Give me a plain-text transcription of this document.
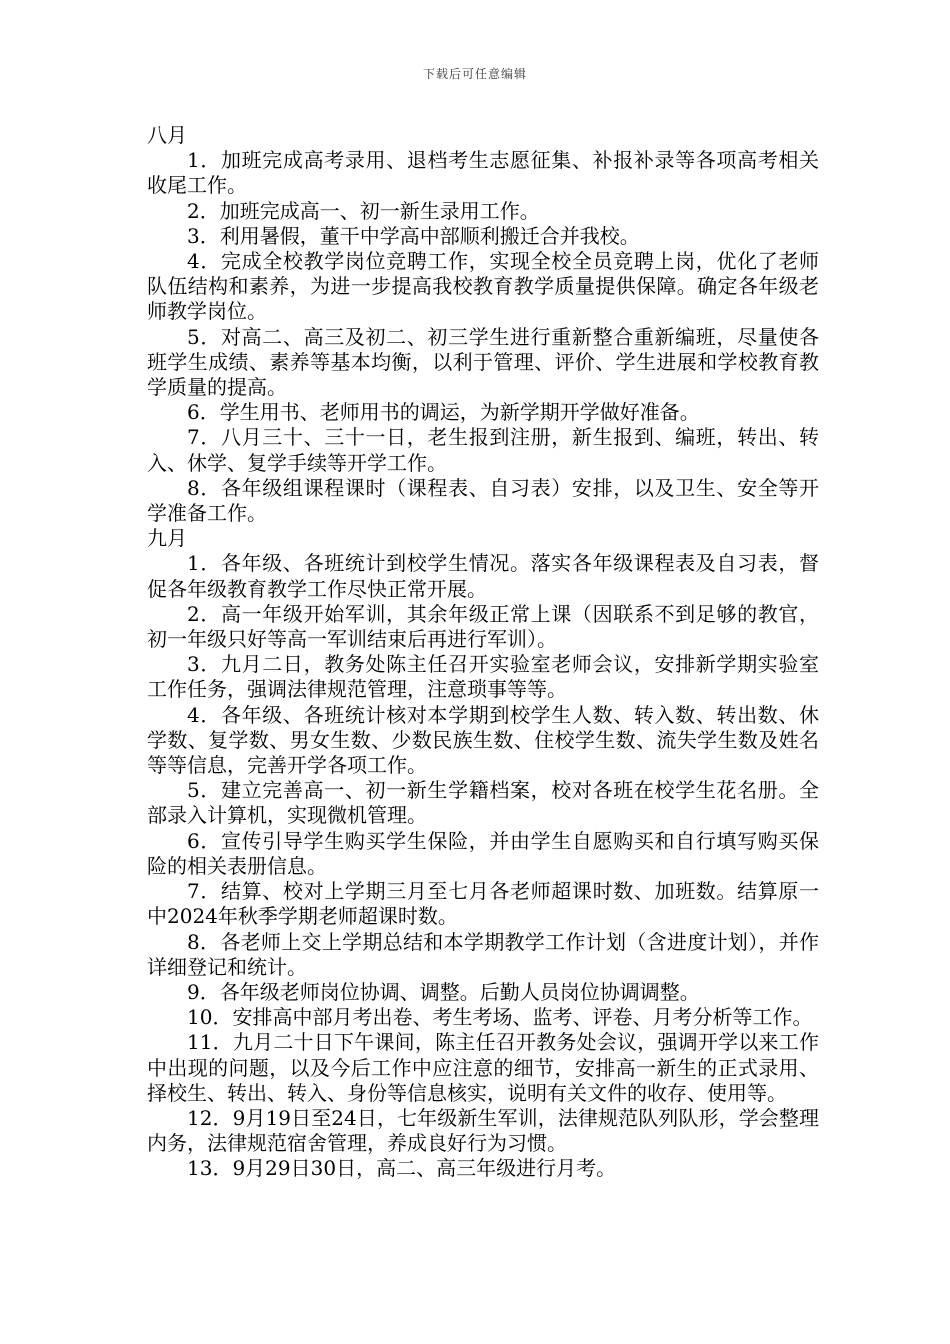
下载后可任意编辑

八月

1．加班完成高考录用、退档考生志愿征集、补报补录等各项高考相关收尾工作。

2．加班完成高一、初一新生录用工作。

3．利用暑假，董干中学高中部顺利搬迁合并我校。

4．完成全校教学岗位竞聘工作，实现全校全员竞聘上岗，优化了老师队伍结构和素养，为进一步提高我校教育教学质量提供保障。确定各年级老师教学岗位。

5．对高二、高三及初二、初三学生进行重新整合重新编班，尽量使各班学生成绩、素养等基本均衡，以利于管理、评价、学生进展和学校教育教学质量的提高。

6．学生用书、老师用书的调运，为新学期开学做好准备。

7．八月三十、三十一日，老生报到注册，新生报到、编班，转出、转入、休学、复学手续等开学工作。

8．各年级组课程课时（课程表、自习表）安排，以及卫生、安全等开学准备工作。

九月

1．各年级、各班统计到校学生情况。落实各年级课程表及自习表，督促各年级教育教学工作尽快正常开展。

2．高一年级开始军训，其余年级正常上课（因联系不到足够的教官，初一年级只好等高一军训结束后再进行军训）。

3．九月二日，教务处陈主任召开实验室老师会议，安排新学期实验室工作任务，强调法律规范管理，注意琐事等等。

4．各年级、各班统计核对本学期到校学生人数、转入数、转出数、休学数、复学数、男女生数、少数民族生数、住校学生数、流失学生数及姓名等等信息，完善开学各项工作。

5．建立完善高一、初一新生学籍档案，校对各班在校学生花名册。全部录入计算机，实现微机管理。

6．宣传引导学生购买学生保险，并由学生自愿购买和自行填写购买保险的相关表册信息。

7．结算、校对上学期三月至七月各老师超课时数、加班数。结算原一中2024年秋季学期老师超课时数。

8．各老师上交上学期总结和本学期教学工作计划（含进度计划），并作详细登记和统计。

9．各年级老师岗位协调、调整。后勤人员岗位协调调整。

10．安排高中部月考出卷、考生考场、监考、评卷、月考分析等工作。

11．九月二十日下午课间，陈主任召开教务处会议，强调开学以来工作中出现的问题，以及今后工作中应注意的细节，安排高一新生的正式录用、择校生、转出、转入、身份等信息核实，说明有关文件的收存、使用等。

12．9月19日至24日，七年级新生军训，法律规范队列队形，学会整理内务，法律规范宿舍管理，养成良好行为习惯。

13．9月29日30日，高二、高三年级进行月考。
